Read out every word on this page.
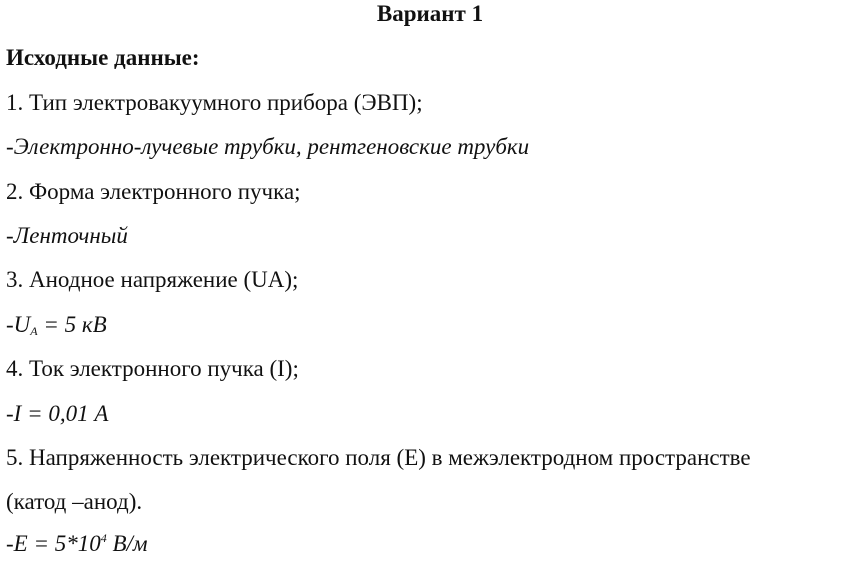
Вариант 1
Исходные данные:
1. Тип электровакуумного прибора (ЭВП);
-Электронно-лучевые трубки, рентгеновские трубки
2. Форма электронного пучка;
-Ленточный
3. Анодное напряжение (UA);
$-U_A = 5$ кВ
4. Ток электронного пучка (I);
-I = 0,01 А
5. Напряженность электрического поля (E) в межэлектродном пространстве
(катод –анод).
$-E = 5*10^4$ В/м
